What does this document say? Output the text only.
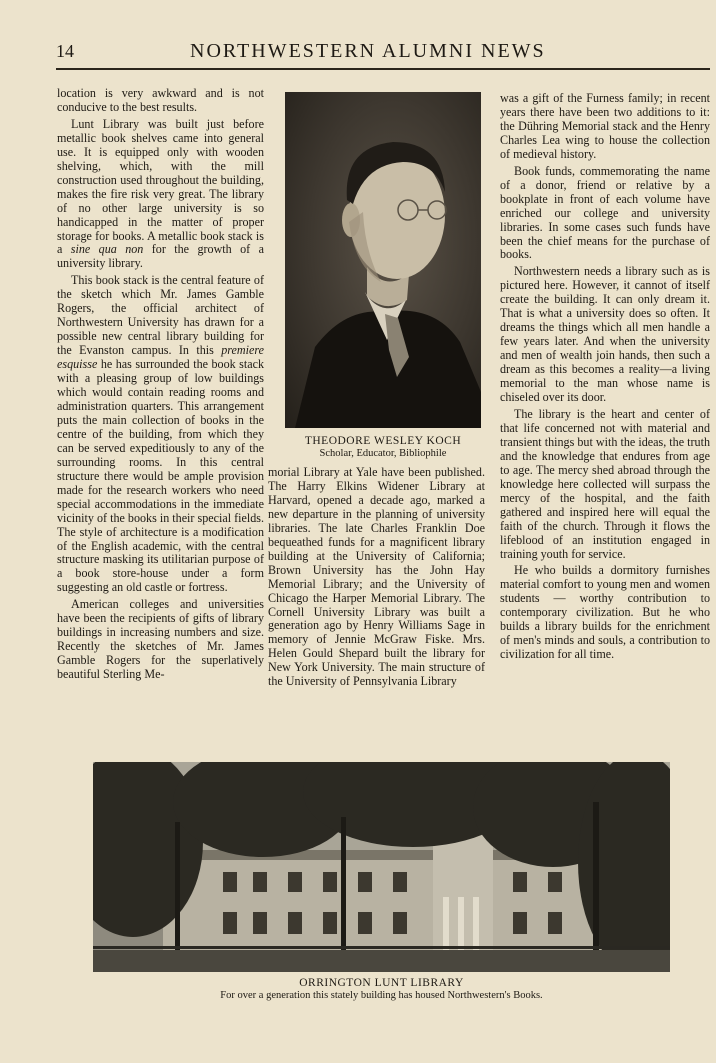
14	NORTHWESTERN ALUMNI NEWS

location is very awkward and is not conducive to the best results.

Lunt Library was built just before metallic book shelves came into general use. It is equipped only with wooden shelving, which, with the mill construction used throughout the building, makes the fire risk very great. The library of no other large university is so handicapped in the matter of proper storage for books. A metallic book stack is a sine qua non for the growth of a university library.

This book stack is the central feature of the sketch which Mr. James Gamble Rogers, the official architect of Northwestern University has drawn for a possible new central library building for the Evanston campus. In this premiere esquisse he has surrounded the book stack with a pleasing group of low buildings which would contain reading rooms and administration quarters. This arrangement puts the main collection of books in the centre of the building, from which they can be served expeditiously to any of the surrounding rooms. In this central structure there would be ample provision made for the research workers who need special accommodations in the immediate vicinity of the books in their special fields. The style of architecture is a modification of the English academic, with the central structure masking its utilitarian purpose of a book store-house under a form suggesting an old castle or fortress.

American colleges and universities have been the recipients of gifts of library buildings in increasing numbers and size. Recently the sketches of Mr. James Gamble Rogers for the superlatively beautiful Sterling Me-

THEODORE WESLEY KOCH
Scholar, Educator, Bibliophile

morial Library at Yale have been published. The Harry Elkins Widener Library at Harvard, opened a decade ago, marked a new departure in the planning of university libraries. The late Charles Franklin Doe bequeathed funds for a magnificent library building at the University of California; Brown University has the John Hay Memorial Library; and the University of Chicago the Harper Memorial Library. The Cornell University Library was built a generation ago by Henry Williams Sage in memory of Jennie McGraw Fiske. Mrs. Helen Gould Shepard built the library for New York University. The main structure of the University of Pennsylvania Library

was a gift of the Furness family; in recent years there have been two additions to it: the Dühring Memorial stack and the Henry Charles Lea wing to house the collection of medieval history.

Book funds, commemorating the name of a donor, friend or relative by a bookplate in front of each volume have enriched our college and university libraries. In some cases such funds have been the chief means for the purchase of books.

Northwestern needs a library such as is pictured here. However, it cannot of itself create the building. It can only dream it. That is what a university does so often. It dreams the things which all men handle a few years later. And when the university and men of wealth join hands, then such a dream as this becomes a reality—a living memorial to the man whose name is chiseled over its door.

The library is the heart and center of that life concerned not with material and transient things but with the ideas, the truth and the knowledge that endures from age to age. The mercy shed abroad through the knowledge here collected will surpass the mercy of the hospital, and the faith gathered and inspired here will equal the faith of the church. Through it flows the lifeblood of an institution engaged in training youth for service.

He who builds a dormitory furnishes material comfort to young men and women students — worthy contribution to contemporary civilization. But he who builds a library builds for the enrichment of men's minds and souls, a contribution to civilization for all time.

ORRINGTON LUNT LIBRARY
For over a generation this stately building has housed Northwestern's Books.
